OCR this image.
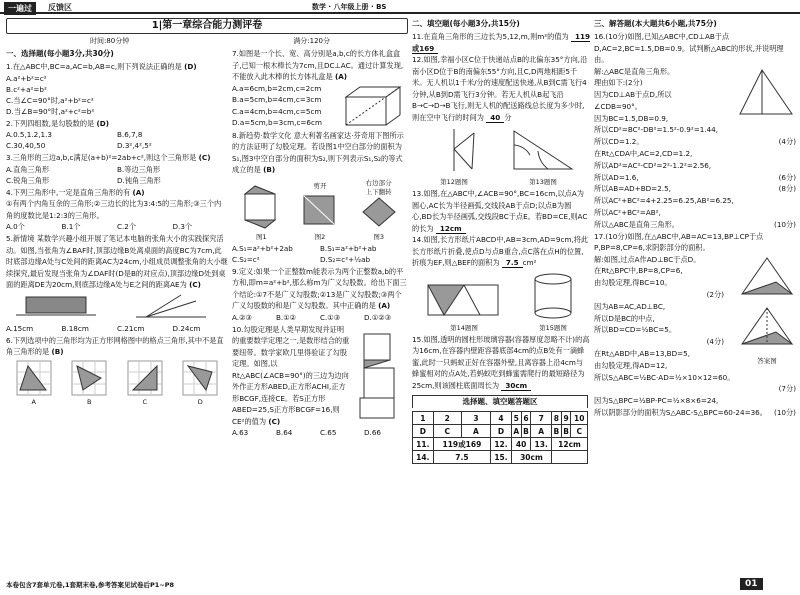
一遍过	反馈区	数学 · 八年级上册 · BS
1|第一章综合能力测评卷
时间:80分钟	满分:120分
一、选择题(每小题3分,共30分)

1.在△ABC中,BC=a,AC=b,AB=c,则下列说法正确的是 (D)

A.a²+b²=c²
B.c²+a²=b²
C.当∠C=90°时,a²+b²=c²
D.当∠B=90°时,a²+c²=b²

2.下列四组数,是勾股数的是 (D)

A.0.5,1.2,1.3	B.6,7,8
C.30,40,50	D.3²,4²,5²

3.三角形的三边a,b,c满足(a+b)²=2ab+c²,则这个三角形是 (C)

A.直角三角形	B.等边三角形
C.锐角三角形	D.钝角三角形

4.下列三角形中,一定是直角三角形的有 (A)

①有两个内角互余的三角形;②三边长的比为3:4:5的三角形;③三个内角的度数比是1:2:3的三角形。

A.0个	B.1个	C.2个	D.3个

5.新情境 某数学兴趣小组开展了笔记本电脑的张角大小的实践探究活动。如图,当张角为∠BAF时,顶部边缘B处离桌面的高度BC为7cm,此时底部边缘A处与C处间的距离AC为24cm,小组成员调整张角的大小继续探究,最后发现当张角为∠DAF时(D是B的对应点),顶部边缘D处到桌面的距离DE为20cm,则底部边缘A处与E之间的距离AE为 (C)

A.15cm	B.18cm	C.21cm	D.24cm

6.下列选项中的三角形均为正方形网格图中的格点三角形,其中不是直角三角形的是 (B)

A	B	C	D

7.如图是一个长、宽、高分别是a,b,c的长方体礼盒盒子,已知一根木棒长为7cm,且DC⊥AC。通过计算发现,不能放入此木棒的长方体礼盒是 (A)

A.a=6cm,b=2cm,c=2cm

B.a=5cm,b=4cm,c=3cm

C.a=4cm,b=4cm,c=5cm

D.a=5cm,b=3cm,c=6cm

8.新趋势·数学文化 意大利著名画家达·芬奇用下图所示的方法证明了勾股定理。若设图1中空白部分的面积为S₁,图3中空白部分的面积为S₂,则下列表示S₁,S₂的等式成立的是 (B)

图1
剪开
图2
右边部分
上下翻转
图3
A.S₁=a²+b²+2ab	B.S₁=a²+b²+ab
C.S₂=c²	D.S₂=c²+½ab

9.定义:如果一个正整数m能表示为两个正整数a,b的平方和,即m=a²+b²,那么称m为广义勾股数。给出下面三个结论:①7不是广义勾股数;②13是广义勾股数;③两个广义勾股数的和是广义勾股数。其中正确的是 (A)

A.②③	B.①②	C.①③	D.①②③

10.勾股定理是人类早期发现并证明的重要数学定理之一,是数形结合的重要纽带。数学家欧几里得验证了勾股定理。如图,以Rt△ABC(∠ACB=90°)的三边为边向外作正方形ABED,正方形ACHI,正方形BCGF,连接CE。若S正方形ABED=25,S正方形BCGF=16,则CE²的值为 (C)

A.63	B.64	C.65	D.66
二、填空题(每小题3分,共15分)

11.在直角三角形的三边长为5,12,m,则m²的值为 119或169

12.如图,幸福小区C位于快递站点B的北偏东35°方向,沿南小区D位于B的南偏东55°方向,且C,D两地相距5千米。无人机以1千米/分的速度配送快递,从B到C需飞行4分钟,从B到D需飞行3分钟。若无人机从B起飞沿B→C→D→B飞行,则无人机的配送路线总长度为多少时,则在空中飞行的时间为 40 分

第12题图	第13题图

13.如图,在△ABC中,∠ACB=90°,BC=16cm,以点A为圆心,AC长为半径画弧,交线段AB于点D;以点B为圆心,BD长为半径画弧,交线段BC于点E。若BD=CE,则AC的长为 12cm

14.如图,长方形纸片ABCD中,AB=3cm,AD=9cm,将此长方形纸片折叠,使点D与点B重合,点C落在点H的位置,折痕为EF,则△BEF的面积为 7.5 cm²

第14题图	第15题图

15.如图,透明的圆柱形玻璃容器(容器厚度忽略不计)的高为16cm,在容器内壁距容器底部4cm的点B处有一滴蜂蜜,此时一只蚂蚁正好在容器外壁,且离容器上沿4cm与蜂蜜相对的点A处,若蚂蚁吃到蜂蜜需爬行的最短路径为25cm,则该圆柱底面周长为 30cm

选择题、填空题答题区
1	2	3	4	5	6	7	8	9	10
D	C	A	D	A	B	A	B	B	C
11.	119或169		12.	40		13.	12cm		
14.	7.5		15.	30cm					
三、解答题(本大题共6小题,共75分)

16.(10分)如图,已知△ABC中,CD⊥AB于点D,AC=2,BC=1.5,DB=0.9。试判断△ABC的形状,并说明理由。

解:△ABC是直角三角形。

理由如下:(2分)

因为CD⊥AB于点D,所以

∠CDB=90°。

因为BC=1.5,DB=0.9,

所以CD²=BC²-DB²=1.5²-0.9²=1.44,

所以CD=1.2。	(4分)

在Rt△CDA中,AC=2,CD=1.2,

所以AD²=AC²-CD²=2²-1.2²=2.56,

所以AD=1.6,	(6分)

所以AB=AD+BD=2.5,	(8分)

所以AC²+BC²=4+2.25=6.25,AB²=6.25,

所以AC²+BC²=AB²,

所以△ABC是直角三角形。	(10分)

17.(10分)如图,在△ABC中,AB=AC=13,BP⊥CP于点P,BP=8,CP=6,求阴影部分的面积。

答案图

解:如图,过点A作AD⊥BC于点D。

在Rt△BPC中,BP=8,CP=6,

由勾股定理,得BC=10。

(2分)

因为AB=AC,AD⊥BC,

所以D是BC的中点,

所以BD=CD=½BC=5。

(4分)

在Rt△ABD中,AB=13,BD=5,

由勾股定理,得AD=12,

所以S△ABC=½BC·AD=½×10×12=60。

(7分)

因为S△BPC=½BP·PC=½×8×6=24,

所以阴影部分的面积为S△ABC-S△BPC=60-24=36。 (10分)

本卷包含7套单元卷,1套期末卷,参考答案见试卷后P1~P8	01
